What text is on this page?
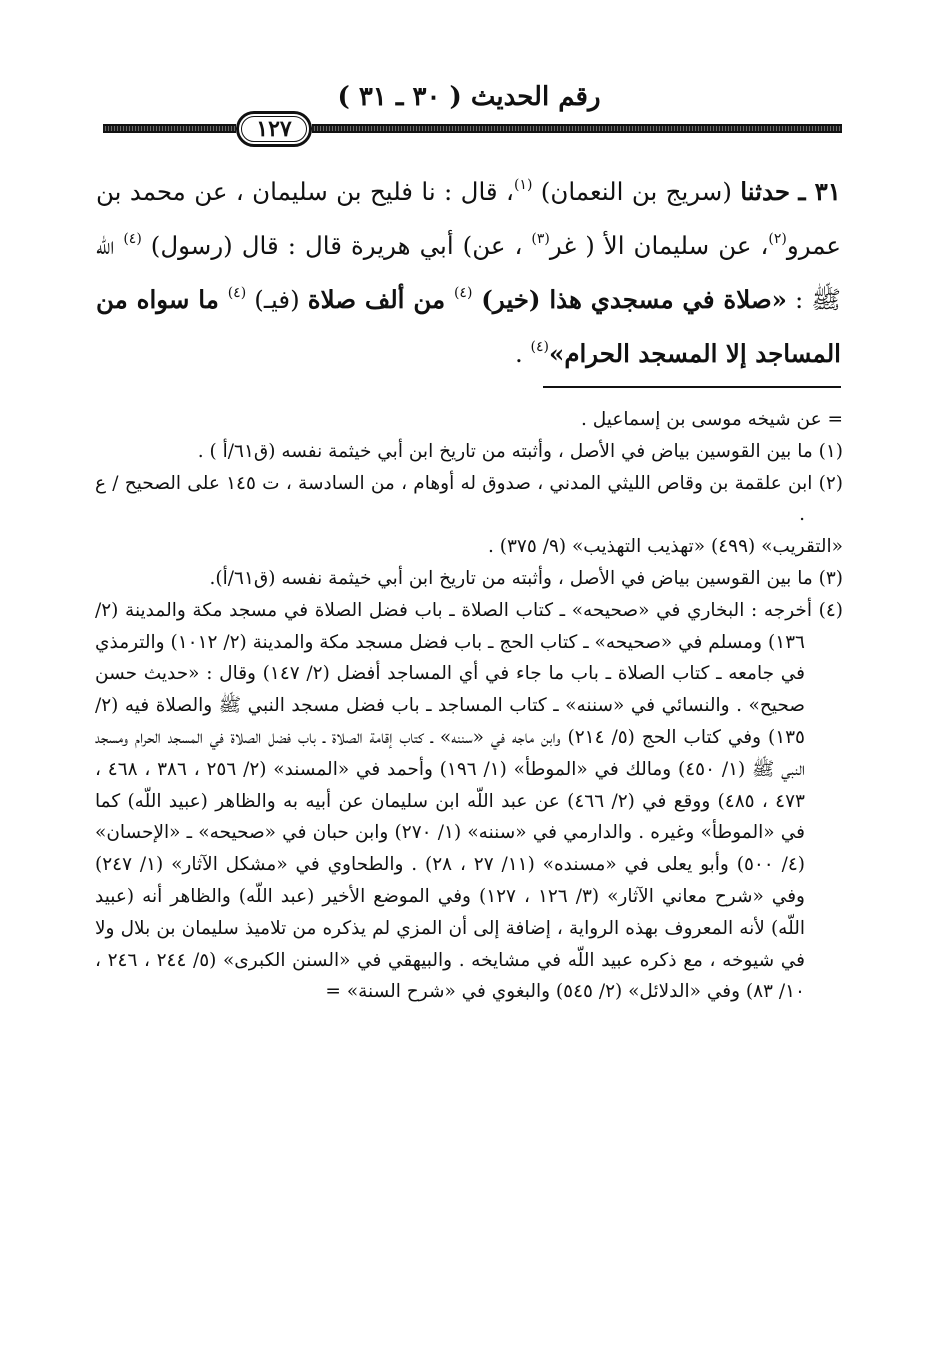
رقم الحديث ( ٣٠ ـ ٣١ )
١٢٧
٣١ ـ حدثنا (سريج بن النعمان) $^{(١)}$، قال : نا فليح بن سليمان ، عن محمد بن عمرو$^{(٢)}$، عن سليمان الأ ( غر$^{(٣)}$ ، عن) أبي هريرة قال : قال (رسول) $^{(٤)}$ اللّه ﷺ : «صلاة في مسجدي هذا (خير) $^{(٤)}$ من ألف صلاة (فيـ) $^{(٤)}$ ما سواه من المساجد إلا المسجد الحرام»$^{(٤)}$ .

= عن شيخه موسى بن إسماعيل .

(١) ما بين القوسين بياض في الأصل ، وأثبته من تاريخ ابن أبي خيثمة نفسه (ق٦١/أ ) .

(٢) ابن علقمة بن وقاص الليثي المدني ، صدوق له أوهام ، من السادسة ، ت ١٤٥ على الصحيح / ع .

«التقريب» (٤٩٩) «تهذيب التهذيب» (٩/ ٣٧٥) .

(٣) ما بين القوسين بياض في الأصل ، وأثبته من تاريخ ابن أبي خيثمة نفسه (ق٦١/أ).

(٤) أخرجه : البخاري في «صحيحه» ـ كتاب الصلاة ـ باب فضل الصلاة في مسجد مكة والمدينة (٢/ ١٣٦) ومسلم في «صحيحه» ـ كتاب الحج ـ باب فضل مسجد مكة والمدينة (٢/ ١٠١٢) والترمذي في جامعه ـ كتاب الصلاة ـ باب ما جاء في أي المساجد أفضل (٢/ ١٤٧) وقال : «حديث حسن صحيح» . والنسائي في «سننه» ـ كتاب المساجد ـ باب فضل مسجد النبي ﷺ والصلاة فيه (٢/ ١٣٥) وفي كتاب الحج (٥/ ٢١٤) وابن ماجه في «سننه» ـ كتاب إقامة الصلاة ـ باب فضل الصلاة في المسجد الحرام ومسجد النبي ﷺ (١/ ٤٥٠) ومالك في «الموطأ» (١/ ١٩٦) وأحمد في «المسند» (٢/ ٢٥٦ ، ٣٨٦ ، ٤٦٨ ، ٤٧٣ ، ٤٨٥) ووقع في (٢/ ٤٦٦) عن عبد اللّه ابن سليمان عن أبيه به والظاهر (عبيد اللّه) كما في «الموطأ» وغيره . والدارمي في «سننه» (١/ ٢٧٠) وابن حبان في «صحيحه» ـ «الإحسان» (٤/ ٥٠٠) وأبو يعلى في «مسنده» (١١/ ٢٧ ، ٢٨) . والطحاوي في «مشكل الآثار» (١/ ٢٤٧) وفي «شرح معاني الآثار» (٣/ ١٢٦ ، ١٢٧) وفي الموضع الأخير (عبد اللّه) والظاهر أنه (عبيد اللّه) لأنه المعروف بهذه الرواية ، إضافة إلى أن المزي لم يذكره من تلاميذ سليمان بن بلال ولا في شيوخه ، مع ذكره عبيد اللّه في مشايخه . والبيهقي في «السنن الكبرى» (٥/ ٢٤٤ ، ٢٤٦ ، ١٠/ ٨٣) وفي «الدلائل» (٢/ ٥٤٥) والبغوي في «شرح السنة» =
